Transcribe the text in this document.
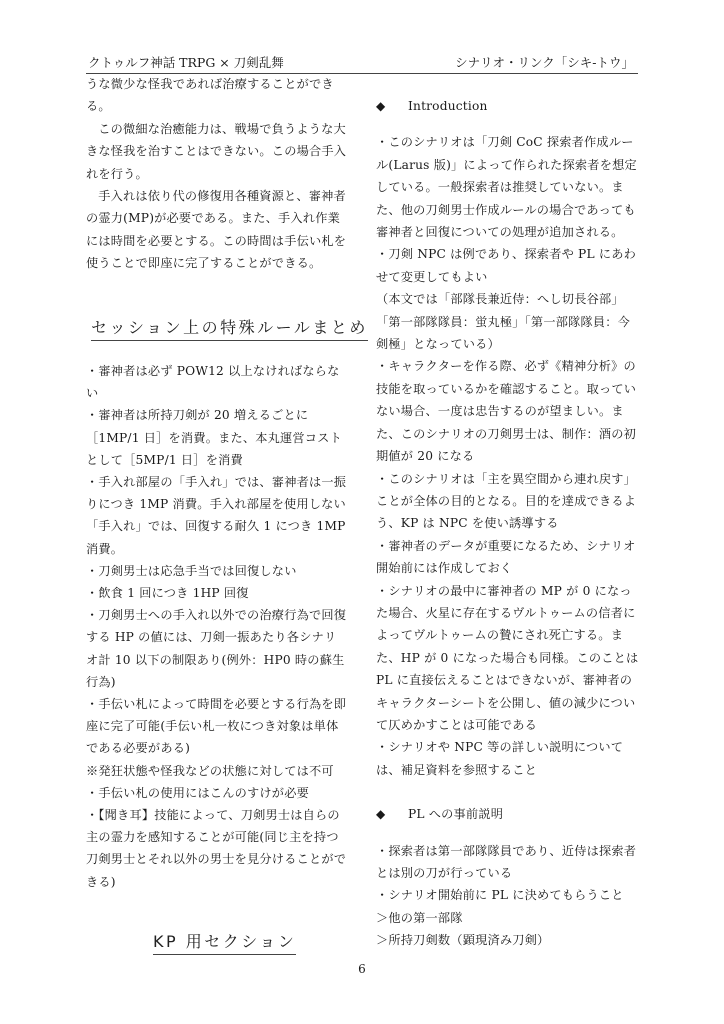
クトゥルフ神話 TRPG × 刀剣乱舞	シナリオ・リンク「シキ-トウ」

うな微少な怪我であれば治療することができる。

この微細な治癒能力は、戦場で負うような大きな怪我を治すことはできない。この場合手入れを行う。

手入れは依り代の修復用各種資源と、審神者の霊力(MP)が必要である。また、手入れ作業には時間を必要とする。この時間は手伝い札を使うことで即座に完了することができる。

セッション上の特殊ルールまとめ

・審神者は必ず POW12 以上なければならない

・審神者は所持刀剣が 20 増えるごとに［1MP/1 日］を消費。また、本丸運営コストとして［5MP/1 日］を消費

・手入れ部屋の「手入れ」では、審神者は一振りにつき 1MP 消費。手入れ部屋を使用しない「手入れ」では、回復する耐久 1 につき 1MP 消費。

・刀剣男士は応急手当では回復しない

・飲食 1 回につき 1HP 回復

・刀剣男士への手入れ以外での治療行為で回復する HP の値には、刀剣一振あたり各シナリオ計 10 以下の制限あり(例外：HP0 時の蘇生行為)

・手伝い札によって時間を必要とする行為を即座に完了可能(手伝い札一枚につき対象は単体である必要がある)

※発狂状態や怪我などの状態に対しては不可

・手伝い札の使用にはこんのすけが必要

・【聞き耳】技能によって、刀剣男士は自らの主の霊力を感知することが可能(同じ主を持つ刀剣男士とそれ以外の男士を見分けることができる)

KP 用セクション
◆	Introduction

・このシナリオは「刀剣 CoC 探索者作成ルール(Larus 版)」によって作られた探索者を想定している。一般探索者は推奨していない。また、他の刀剣男士作成ルールの場合であっても審神者と回復についての処理が追加される。

・刀剣 NPC は例であり、探索者や PL にあわせて変更してもよい

（本文では「部隊長兼近侍：へし切長谷部」「第一部隊隊員：蛍丸極」「第一部隊隊員：今剣極」となっている）

・キャラクターを作る際、必ず《精神分析》の技能を取っているかを確認すること。取っていない場合、一度は忠告するのが望ましい。また、このシナリオの刀剣男士は、制作：酒の初期値が 20 になる

・このシナリオは「主を異空間から連れ戻す」ことが全体の目的となる。目的を達成できるよう、KP は NPC を使い誘導する

・審神者のデータが重要になるため、シナリオ開始前には作成しておく

・シナリオの最中に審神者の MP が 0 になった場合、火星に存在するヴルトゥームの信者によってヴルトゥームの贄にされ死亡する。また、HP が 0 になった場合も同様。このことは PL に直接伝えることはできないが、審神者のキャラクターシートを公開し、値の減少について仄めかすことは可能である

・シナリオや NPC 等の詳しい説明については、補足資料を参照すること

◆	PL への事前説明

・探索者は第一部隊隊員であり、近侍は探索者とは別の刀が行っている

・シナリオ開始前に PL に決めてもらうこと

＞他の第一部隊

＞所持刀剣数（顕現済み刀剣）

6
